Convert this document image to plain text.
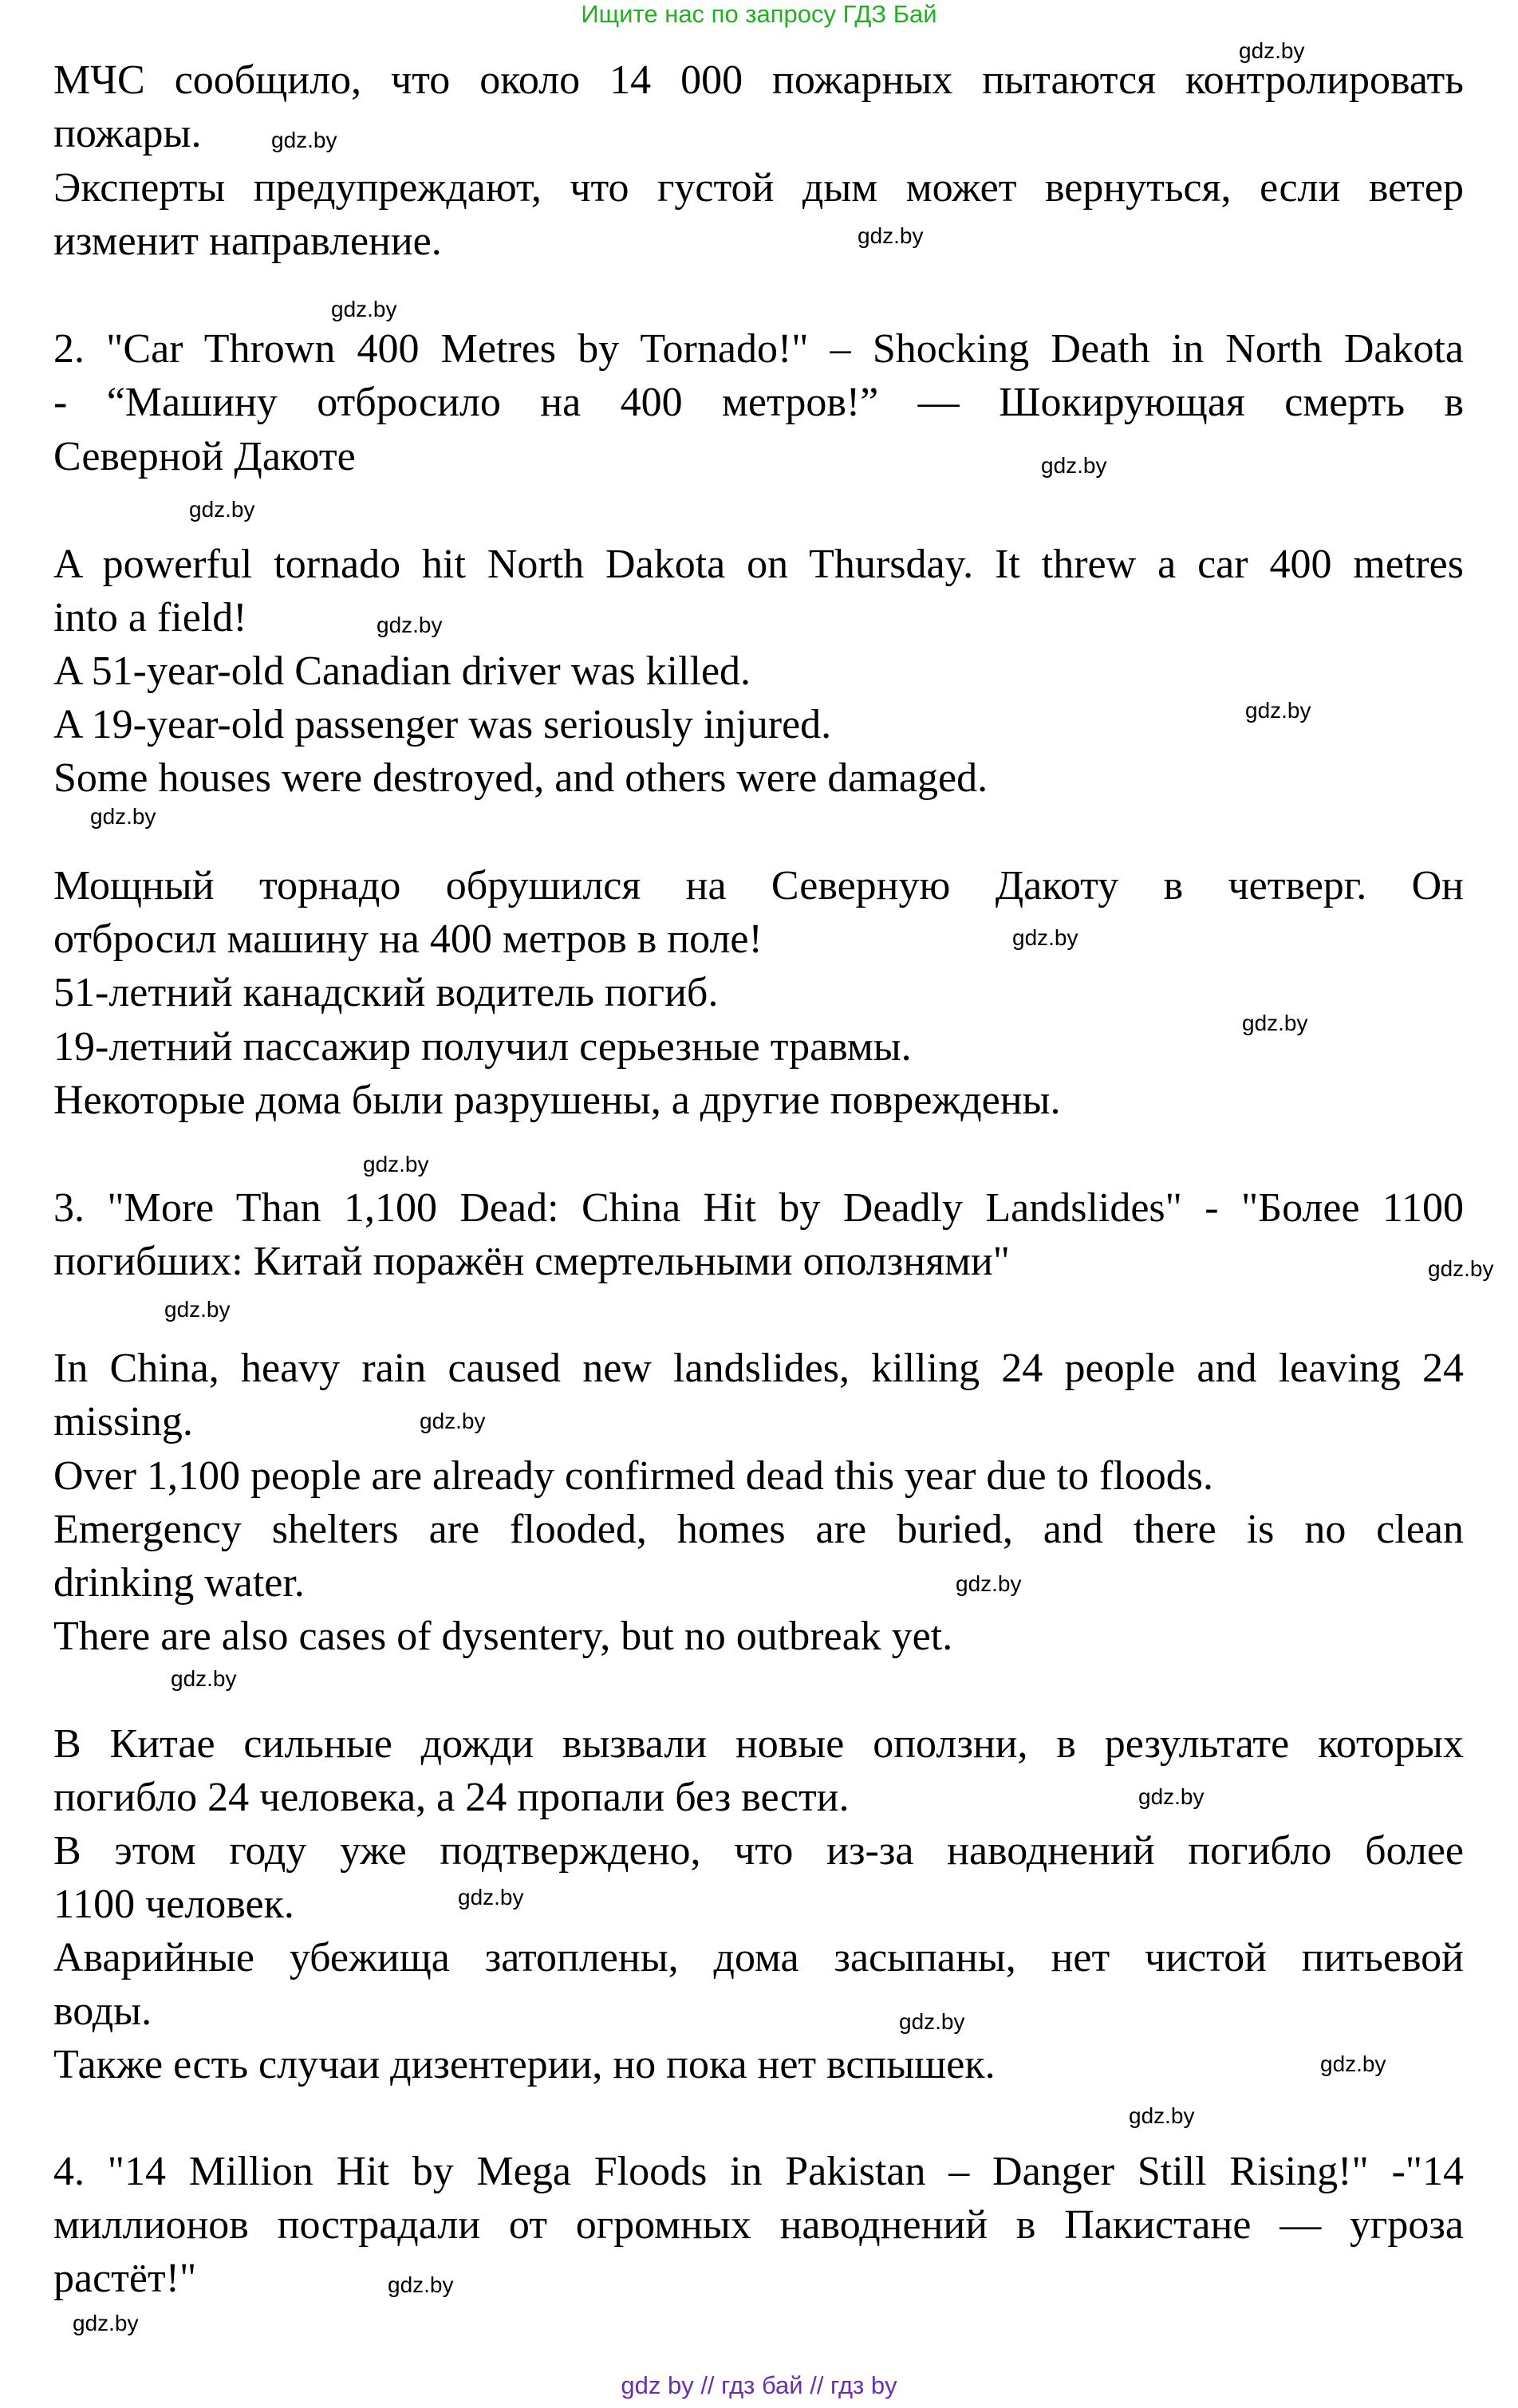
Ищите нас по запросу ГДЗ Бай
МЧС сообщило, что около 14 000 пожарных пытаются контролировать
пожары.
Эксперты предупреждают, что густой дым может вернуться, если ветер
изменит направление.
2. "Car Thrown 400 Metres by Tornado!" – Shocking Death in North Dakota
- “Машину отбросило на 400 метров!” — Шокирующая смерть в
Северной Дакоте
A powerful tornado hit North Dakota on Thursday. It threw a car 400 metres
into a field!
A 51-year-old Canadian driver was killed.
A 19-year-old passenger was seriously injured.
Some houses were destroyed, and others were damaged.
Мощный торнадо обрушился на Северную Дакоту в четверг. Он
отбросил машину на 400 метров в поле!
51-летний канадский водитель погиб.
19-летний пассажир получил серьезные травмы.
Некоторые дома были разрушены, а другие повреждены.
3. "More Than 1,100 Dead: China Hit by Deadly Landslides" - "Более 1100
погибших: Китай поражён смертельными оползнями"
In China, heavy rain caused new landslides, killing 24 people and leaving 24
missing.
Over 1,100 people are already confirmed dead this year due to floods.
Emergency shelters are flooded, homes are buried, and there is no clean
drinking water.
There are also cases of dysentery, but no outbreak yet.
В Китае сильные дожди вызвали новые оползни, в результате которых
погибло 24 человека, а 24 пропали без вести.
В этом году уже подтверждено, что из-за наводнений погибло более
1100 человек.
Аварийные убежища затоплены, дома засыпаны, нет чистой питьевой
воды.
Также есть случаи дизентерии, но пока нет вспышек.
4. "14 Million Hit by Mega Floods in Pakistan – Danger Still Rising!" -"14
миллионов пострадали от огромных наводнений в Пакистане — угроза
растёт!"
gdz.by
gdz.by
gdz.by
gdz.by
gdz.by
gdz.by
gdz.by
gdz.by
gdz.by
gdz.by
gdz.by
gdz.by
gdz.by
gdz.by
gdz.by
gdz.by
gdz.by
gdz.by
gdz.by
gdz.by
gdz.by
gdz.by
gdz.by
gdz.by
gdz by // гдз бай // гдз by
